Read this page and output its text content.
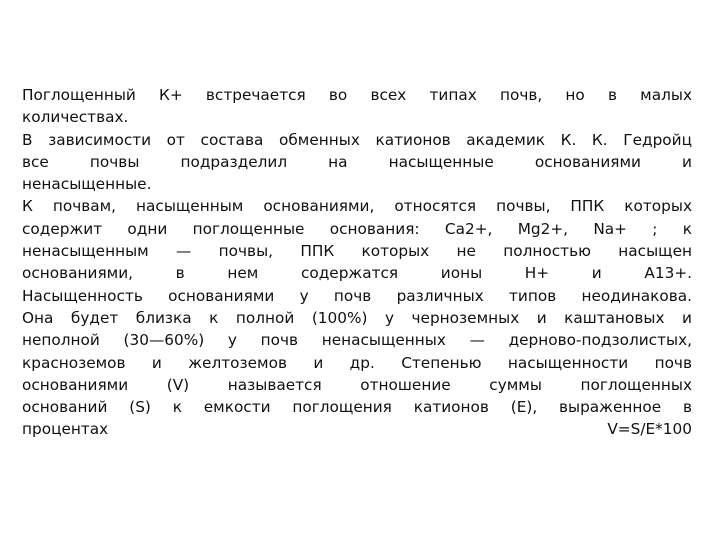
Поглощенный К+ встречается во всех типах почв, но в малых
количествах.
В зависимости от состава обменных катионов академик К. К. Гедройц
все почвы подразделил на насыщенные основаниями и
ненасыщенные.
К почвам, насыщенным основаниями, относятся почвы, ППК которых
содержит одни поглощенные основания: Са2+, Mg2+, Na+ ; к
ненасыщенным — почвы, ППК которых не полностью насыщен
основаниями, в нем содержатся ионы Н+ и А13+.
Насыщенность основаниями у почв различных типов неодинакова.
Она будет близка к полной (100%) у черноземных и каштановых и
неполной (30—60%) у почв ненасыщенных — дерново-подзолистых,
красноземов и желтоземов и др. Степенью насыщенности почв
основаниями (V) называется отношение суммы поглощенных
оснований (S) к емкости поглощения катионов (Е), выраженное в
процентах	V=S/E*100
